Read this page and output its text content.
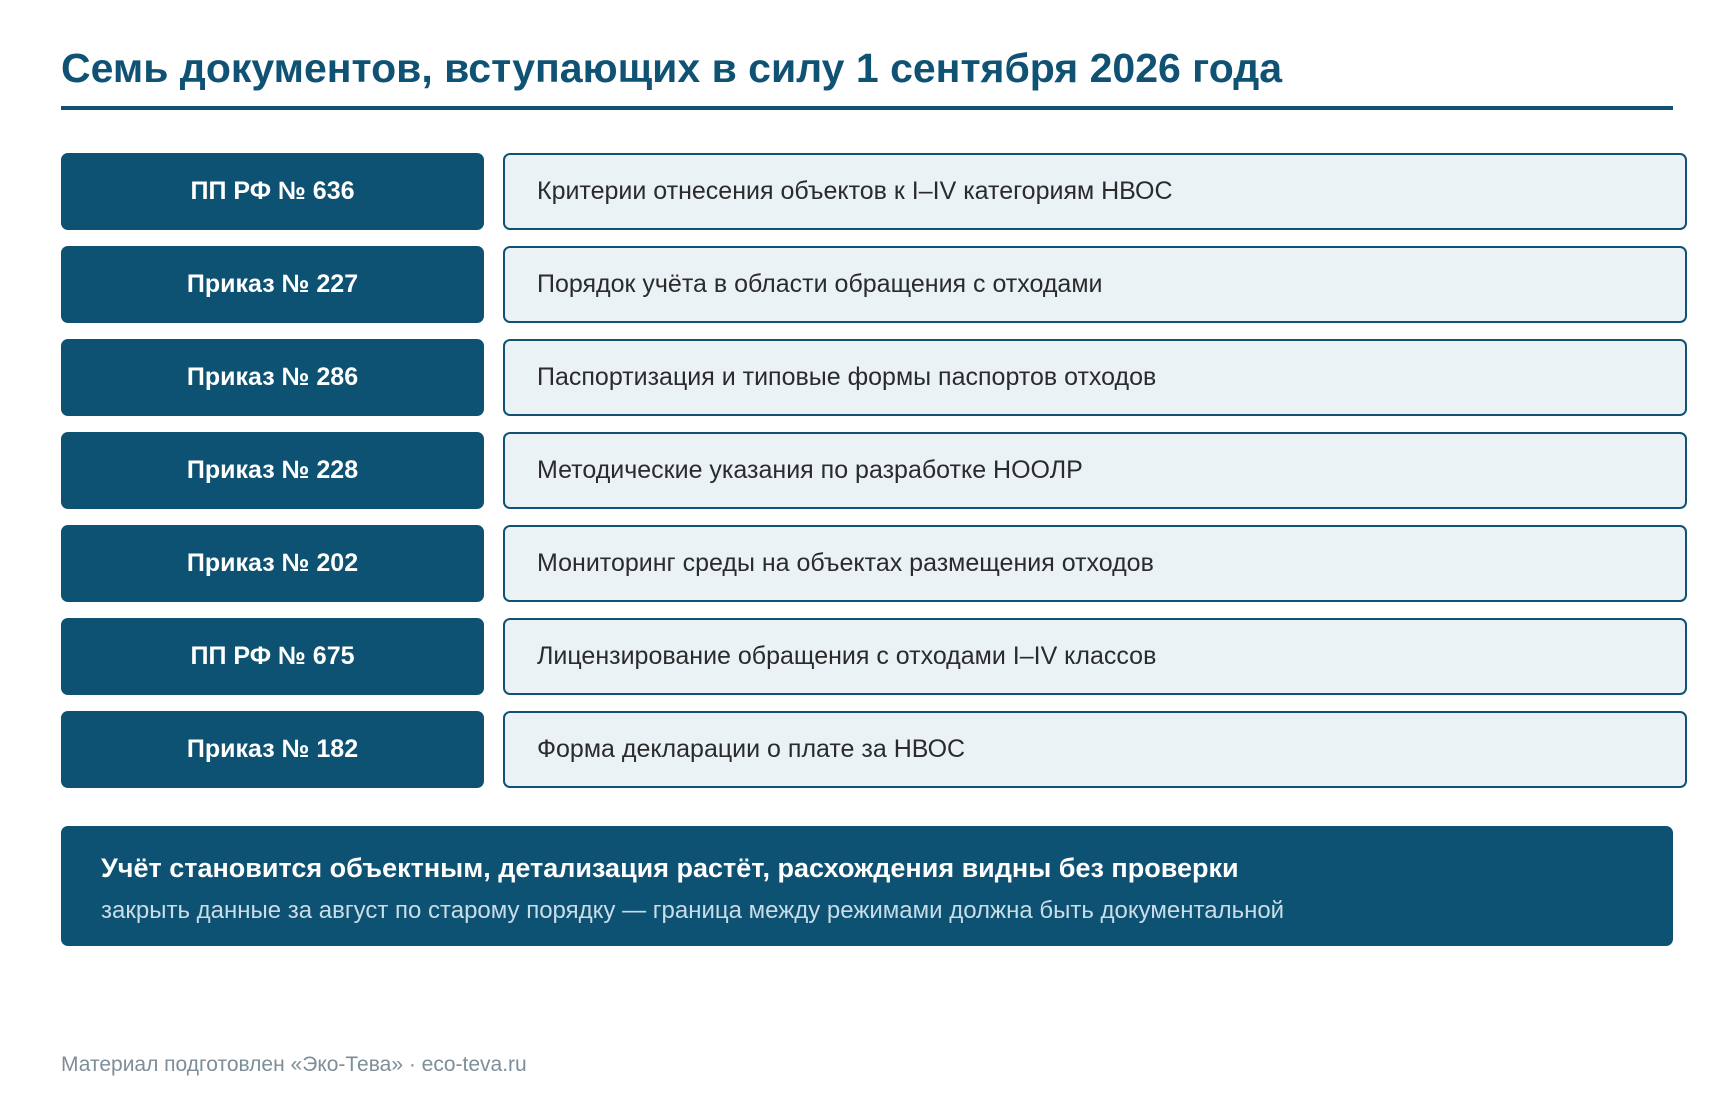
Семь документов, вступающих в силу 1 сентября 2026 года
ПП РФ № 636	Критерии отнесения объектов к I–IV категориям НВОС
Приказ № 227	Порядок учёта в области обращения с отходами
Приказ № 286	Паспортизация и типовые формы паспортов отходов
Приказ № 228	Методические указания по разработке НООЛР
Приказ № 202	Мониторинг среды на объектах размещения отходов
ПП РФ № 675	Лицензирование обращения с отходами I–IV классов
Приказ № 182	Форма декларации о плате за НВОС
Учёт становится объектным, детализация растёт, расхождения видны без проверки
закрыть данные за август по старому порядку — граница между режимами должна быть документальной
Материал подготовлен «Эко-Тева» · eco-teva.ru
